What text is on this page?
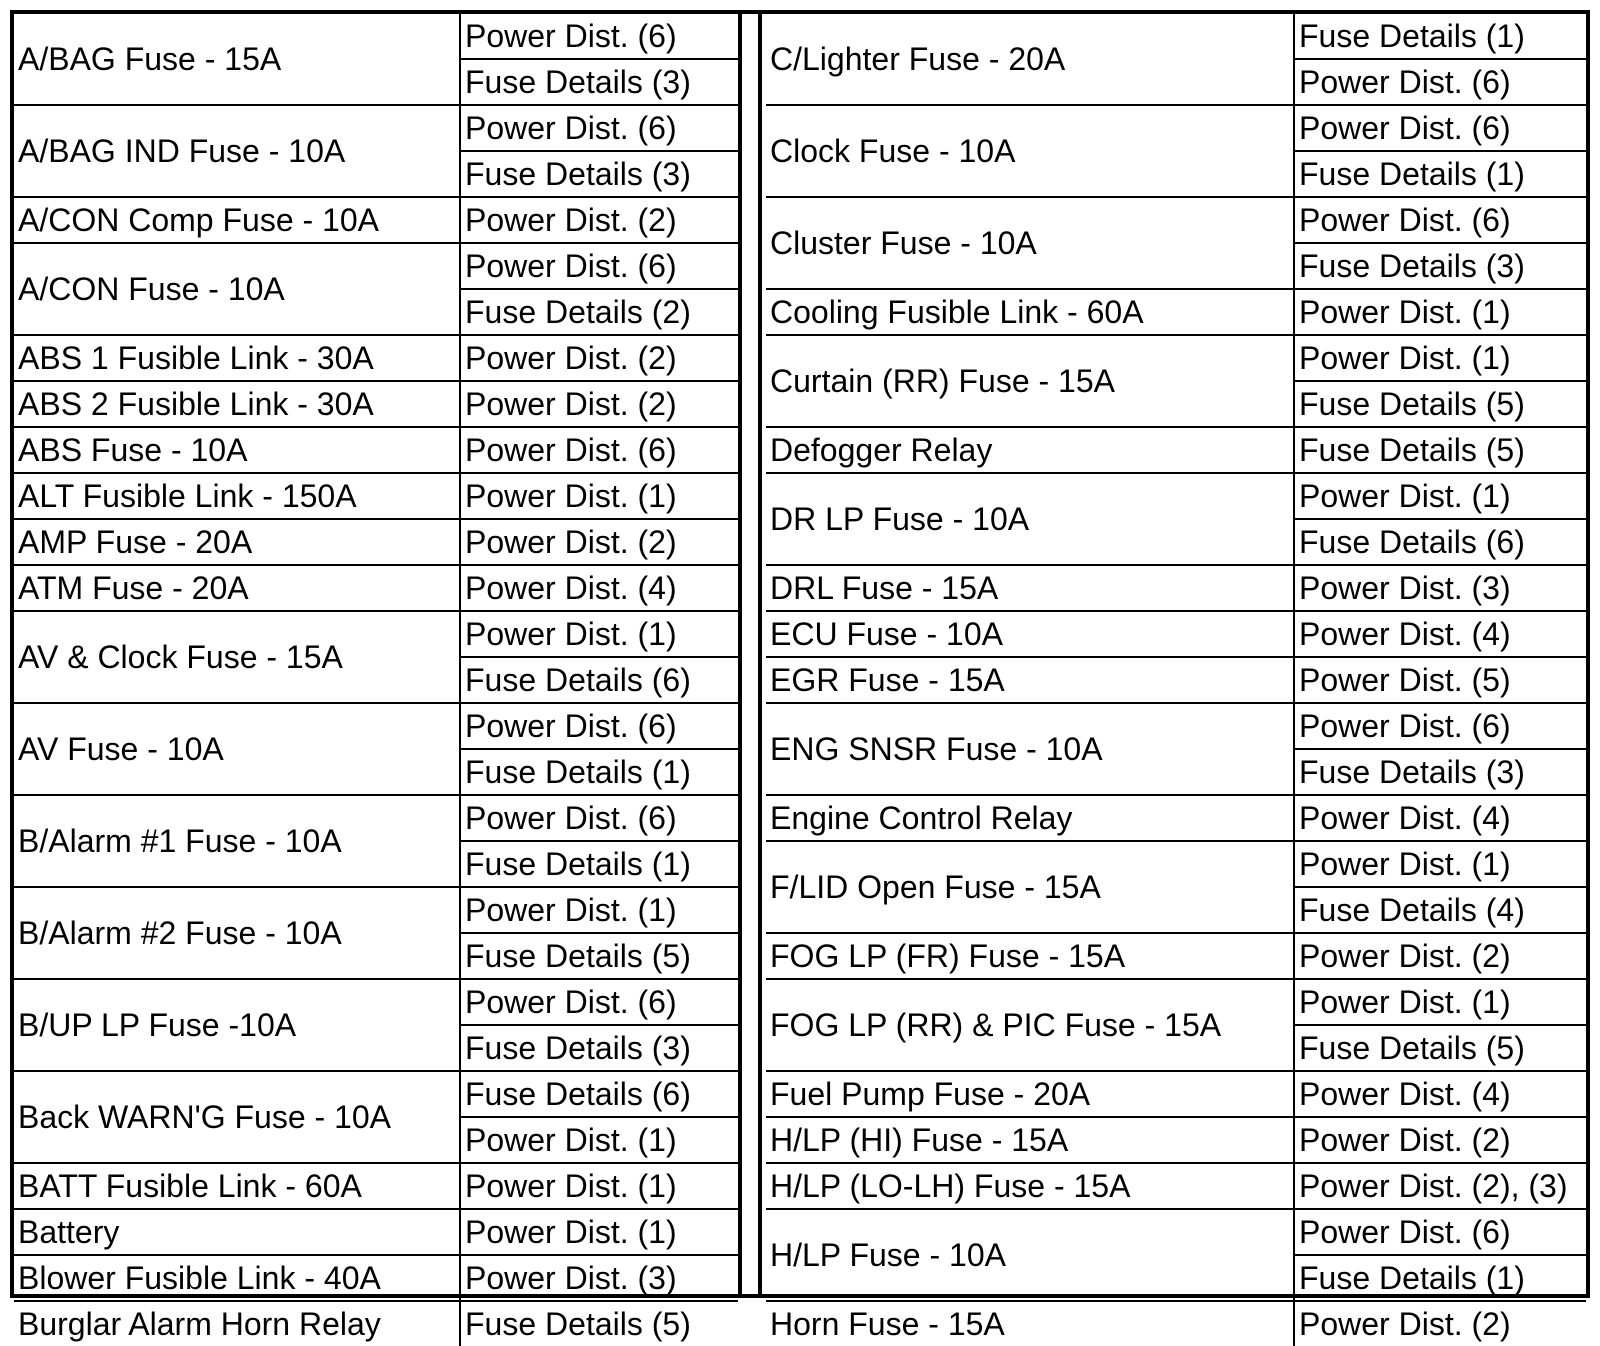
A/BAG Fuse - 15A	Power Dist. (6)
	Fuse Details (3)
A/BAG IND Fuse - 10A	Power Dist. (6)
	Fuse Details (3)
A/CON Comp Fuse - 10A	Power Dist. (2)
A/CON Fuse - 10A	Power Dist. (6)
	Fuse Details (2)
ABS 1 Fusible Link - 30A	Power Dist. (2)
ABS 2 Fusible Link - 30A	Power Dist. (2)
ABS Fuse - 10A	Power Dist. (6)
ALT Fusible Link - 150A	Power Dist. (1)
AMP Fuse - 20A	Power Dist. (2)
ATM Fuse - 20A	Power Dist. (4)
AV & Clock Fuse - 15A	Power Dist. (1)
	Fuse Details (6)
AV Fuse - 10A	Power Dist. (6)
	Fuse Details (1)
B/Alarm #1 Fuse - 10A	Power Dist. (6)
	Fuse Details (1)
B/Alarm #2 Fuse - 10A	Power Dist. (1)
	Fuse Details (5)
B/UP LP Fuse -10A	Power Dist. (6)
	Fuse Details (3)
Back WARN'G Fuse - 10A	Fuse Details (6)
	Power Dist. (1)
BATT Fusible Link - 60A	Power Dist. (1)
Battery	Power Dist. (1)
Blower Fusible Link - 40A	Power Dist. (3)
Burglar Alarm Horn Relay	Fuse Details (5)
C/Lighter Fuse - 20A	Fuse Details (1)
	Power Dist. (6)
Clock Fuse - 10A	Power Dist. (6)
	Fuse Details (1)
Cluster Fuse - 10A	Power Dist. (6)
	Fuse Details (3)
Cooling Fusible Link - 60A	Power Dist. (1)
Curtain (RR) Fuse - 15A	Power Dist. (1)
	Fuse Details (5)
Defogger Relay	Fuse Details (5)
DR LP Fuse - 10A	Power Dist. (1)
	Fuse Details (6)
DRL Fuse - 15A	Power Dist. (3)
ECU Fuse - 10A	Power Dist. (4)
EGR Fuse - 15A	Power Dist. (5)
ENG SNSR Fuse - 10A	Power Dist. (6)
	Fuse Details (3)
Engine Control Relay	Power Dist. (4)
F/LID Open Fuse - 15A	Power Dist. (1)
	Fuse Details (4)
FOG LP (FR) Fuse - 15A	Power Dist. (2)
FOG LP (RR) & PIC Fuse - 15A	Power Dist. (1)
	Fuse Details (5)
Fuel Pump Fuse - 20A	Power Dist. (4)
H/LP (HI) Fuse - 15A	Power Dist. (2)
H/LP (LO-LH) Fuse - 15A	Power Dist. (2), (3)
H/LP Fuse - 10A	Power Dist. (6)
	Fuse Details (1)
Horn Fuse - 15A	Power Dist. (2)
